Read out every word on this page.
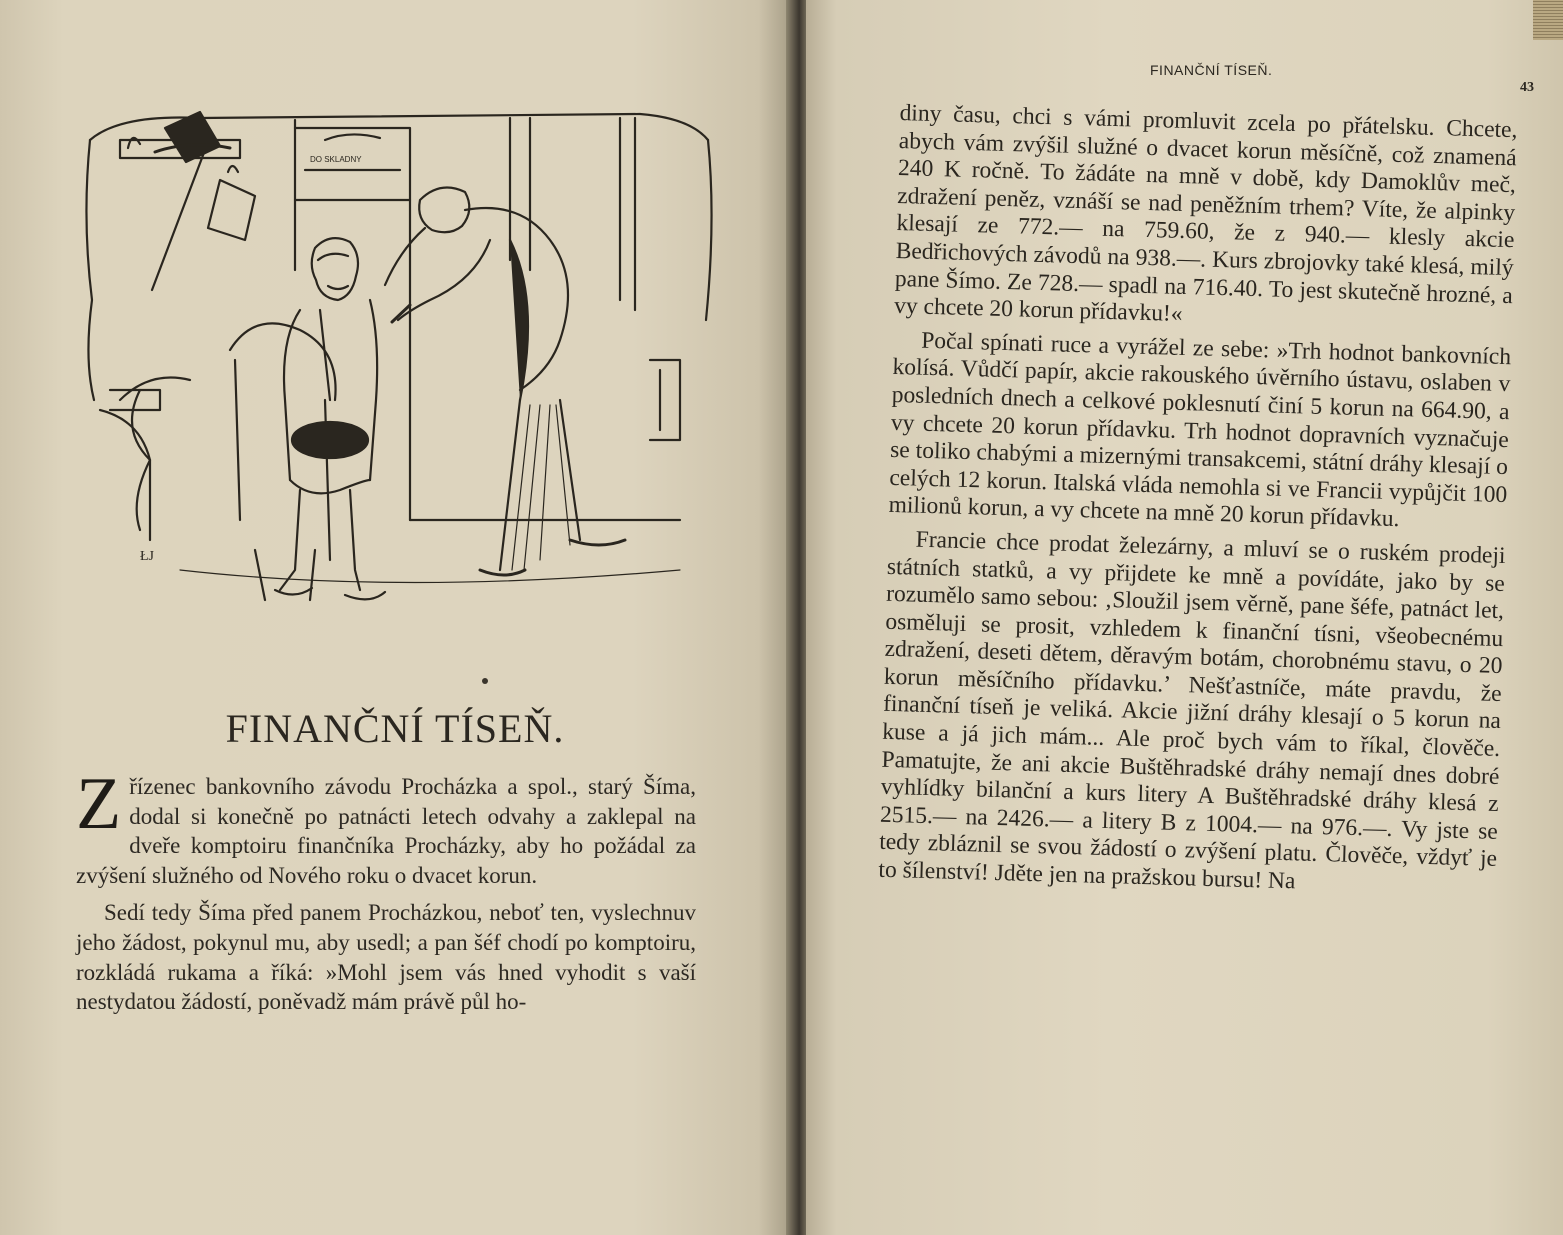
ŁJ
DO SKLADNY
FINANČNÍ TÍSEŇ.

Zřízenec bankovního závodu Procházka a spol., starý Šíma, dodal si konečně po patnácti letech odvahy a zaklepal na dveře komptoiru finančníka Procházky, aby ho požádal za zvýšení služného od Nového roku o dvacet korun.

Sedí tedy Šíma před panem Procházkou, neboť ten, vyslechnuv jeho žádost, pokynul mu, aby usedl; a pan šéf chodí po komptoiru, rozkládá rukama a říká: »Mohl jsem vás hned vyhodit s vaší nestydatou žádostí, poněvadž mám právě půl ho-

FINANČNÍ TÍSEŇ.
43

diny času, chci s vámi promluvit zcela po přátelsku. Chcete, abych vám zvýšil služné o dvacet korun měsíčně, což znamená 240 K ročně. To žádáte na mně v době, kdy Damoklův meč, zdražení peněz, vznáší se nad peněžním trhem? Víte, že alpinky klesají ze 772.— na 759.60, že z 940.— klesly akcie Bedřichových závodů na 938.—. Kurs zbrojovky také klesá, milý pane Šímo. Ze 728.— spadl na 716.40. To jest skutečně hrozné, a vy chcete 20 korun přídavku!«

Počal spínati ruce a vyrážel ze sebe: »Trh hodnot bankovních kolísá. Vůdčí papír, akcie rakouského úvěrního ústavu, oslaben v posledních dnech a celkové poklesnutí činí 5 korun na 664.90, a vy chcete 20 korun přídavku. Trh hodnot dopravních vyznačuje se toliko chabými a mizernými transakcemi, státní dráhy klesají o celých 12 korun. Italská vláda nemohla si ve Francii vypůjčit 100 milionů korun, a vy chcete na mně 20 korun přídavku.

Francie chce prodat železárny, a mluví se o ruském prodeji státních statků, a vy přijdete ke mně a povídáte, jako by se rozumělo samo sebou: ‚Sloužil jsem věrně, pane šéfe, patnáct let, osměluji se prosit, vzhledem k finanční tísni, všeobecnému zdražení, deseti dětem, děravým botám, chorobnému stavu, o 20 korun měsíčního přídavku.’ Nešťastníče, máte pravdu, že finanční tíseň je veliká. Akcie jižní dráhy klesají o 5 korun na kuse a já jich mám... Ale proč bych vám to říkal, člověče. Pamatujte, že ani akcie Buštěhradské dráhy nemají dnes dobré vyhlídky bilanční a kurs litery A Buštěhradské dráhy klesá z 2515.— na 2426.— a litery B z 1004.— na 976.—. Vy jste se tedy zbláznil se svou žádostí o zvýšení platu. Člověče, vždyť je to šílenství! Jděte jen na pražskou bursu! Na
